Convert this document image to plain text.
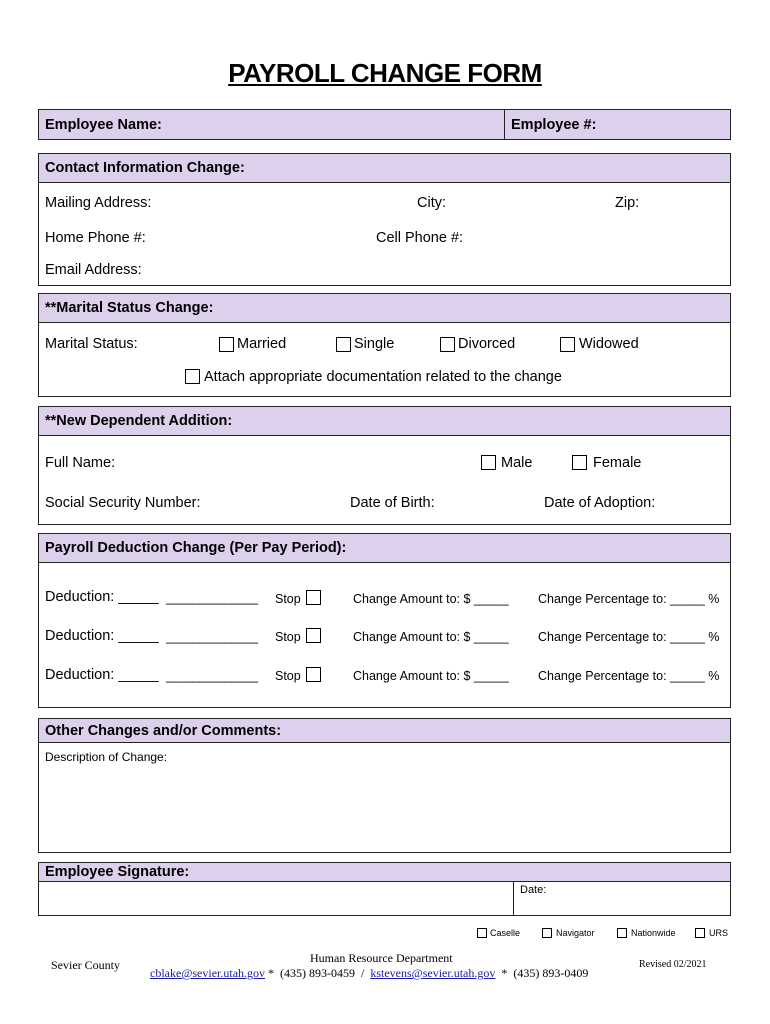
PAYROLL CHANGE FORM
Employee Name:	Employee #:
Contact Information Change:
Mailing Address:	City:	Zip:
Home Phone #:	Cell Phone #:
Email Address:
**Marital Status Change:
Marital Status:	Married	Single	Divorced	Widowed
Attach appropriate documentation related to the change
**New Dependent Addition:
Full Name:	Male	Female
Social Security Number:	Date of Birth:	Date of Adoption:
Payroll Deduction Change (Per Pay Period):
Deduction: _____ ______________ Stop	Change Amount to: $ _____ Change Percentage to: _____ %
Deduction: _____ ______________ Stop	Change Amount to: $ _____ Change Percentage to: _____ %
Deduction: _____ ______________ Stop	Change Amount to: $ _____ Change Percentage to: _____ %
Other Changes and/or Comments:
Description of Change:
Employee Signature:
Date:
Caselle	Navigator	Nationwide	URS
Sevier County	Human Resource Department
cblake@sevier.utah.gov *  (435) 893-0459  /  kstevens@sevier.utah.gov  *  (435) 893-0409
Revised 02/2021
